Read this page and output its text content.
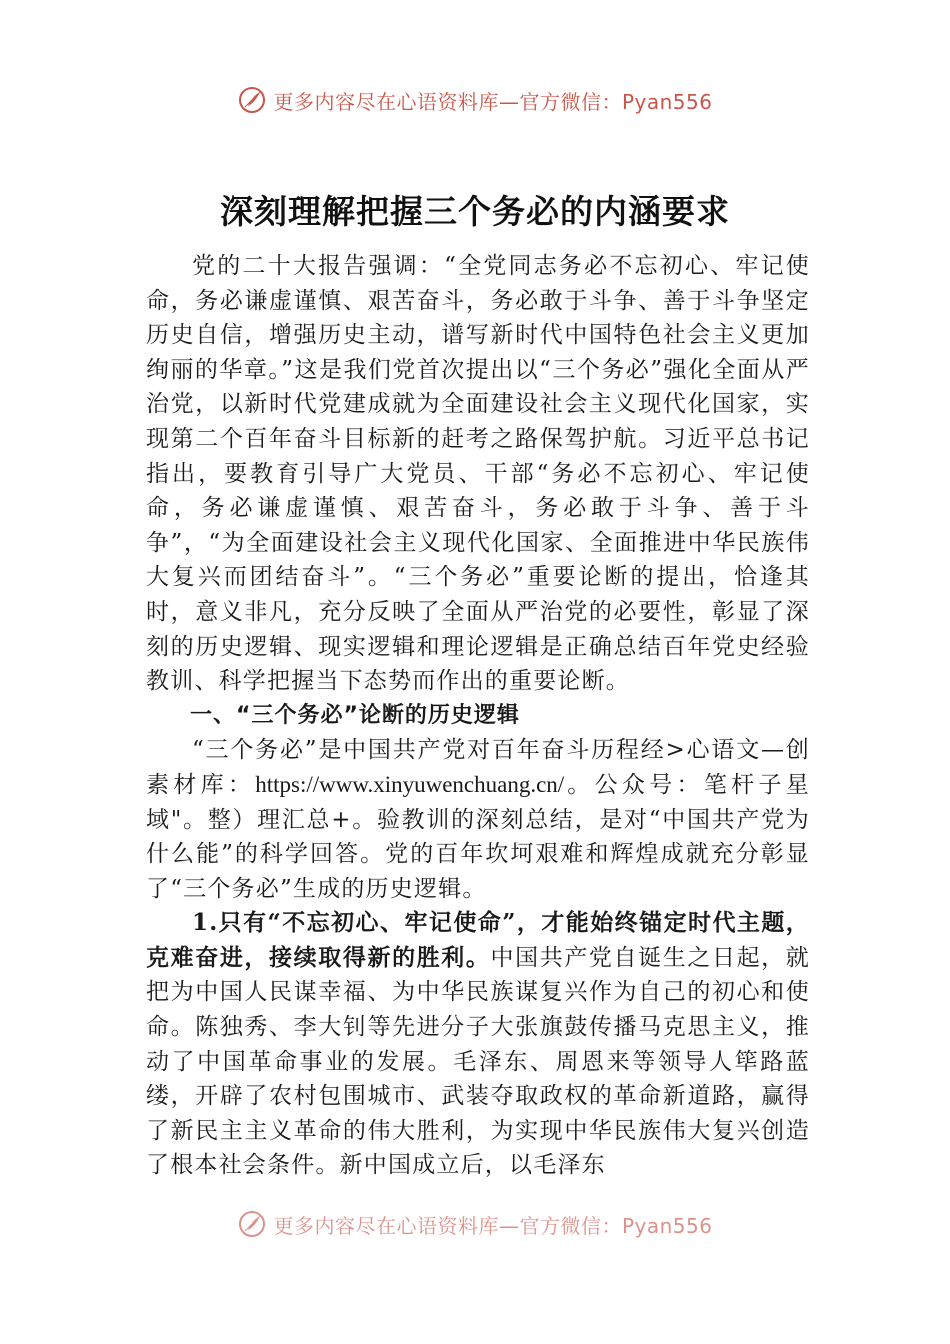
更多内容尽在心语资料库—官方微信：Pyan556
深刻理解把握三个务必的内涵要求

党的二十大报告强调：“全党同志务必不忘初心、牢记使命，务必谦虚谨慎、艰苦奋斗，务必敢于斗争、善于斗争坚定历史自信，增强历史主动，谱写新时代中国特色社会主义更加绚丽的华章。”这是我们党首次提出以“三个务必”强化全面从严治党，以新时代党建成就为全面建设社会主义现代化国家，实现第二个百年奋斗目标新的赶考之路保驾护航。习近平总书记指出，要教育引导广大党员、干部“务必不忘初心、牢记使命，务必谦虚谨慎、艰苦奋斗，务必敢于斗争、善于斗争”，“为全面建设社会主义现代化国家、全面推进中华民族伟大复兴而团结奋斗”。“三个务必”重要论断的提出，恰逢其时，意义非凡，充分反映了全面从严治党的必要性，彰显了深刻的历史逻辑、现实逻辑和理论逻辑是正确总结百年党史经验教训、科学把握当下态势而作出的重要论断。

一、“三个务必”论断的历史逻辑

“三个务必”是中国共产党对百年奋斗历程经>心语文—创素材库：https://www.xinyuwenchuang.cn/。公众号：笔杆子星域"。整）理汇总+。验教训的深刻总结，是对“中国共产党为什么能”的科学回答。党的百年坎坷艰难和辉煌成就充分彰显了“三个务必”生成的历史逻辑。

1.只有“不忘初心、牢记使命”，才能始终锚定时代主题，克难奋进，接续取得新的胜利。中国共产党自诞生之日起，就把为中国人民谋幸福、为中华民族谋复兴作为自己的初心和使命。陈独秀、李大钊等先进分子大张旗鼓传播马克思主义，推动了中国革命事业的发展。毛泽东、周恩来等领导人筚路蓝缕，开辟了农村包围城市、武装夺取政权的革命新道路，赢得了新民主主义革命的伟大胜利，为实现中华民族伟大复兴创造了根本社会条件。新中国成立后，以毛泽东

更多内容尽在心语资料库—官方微信：Pyan556
